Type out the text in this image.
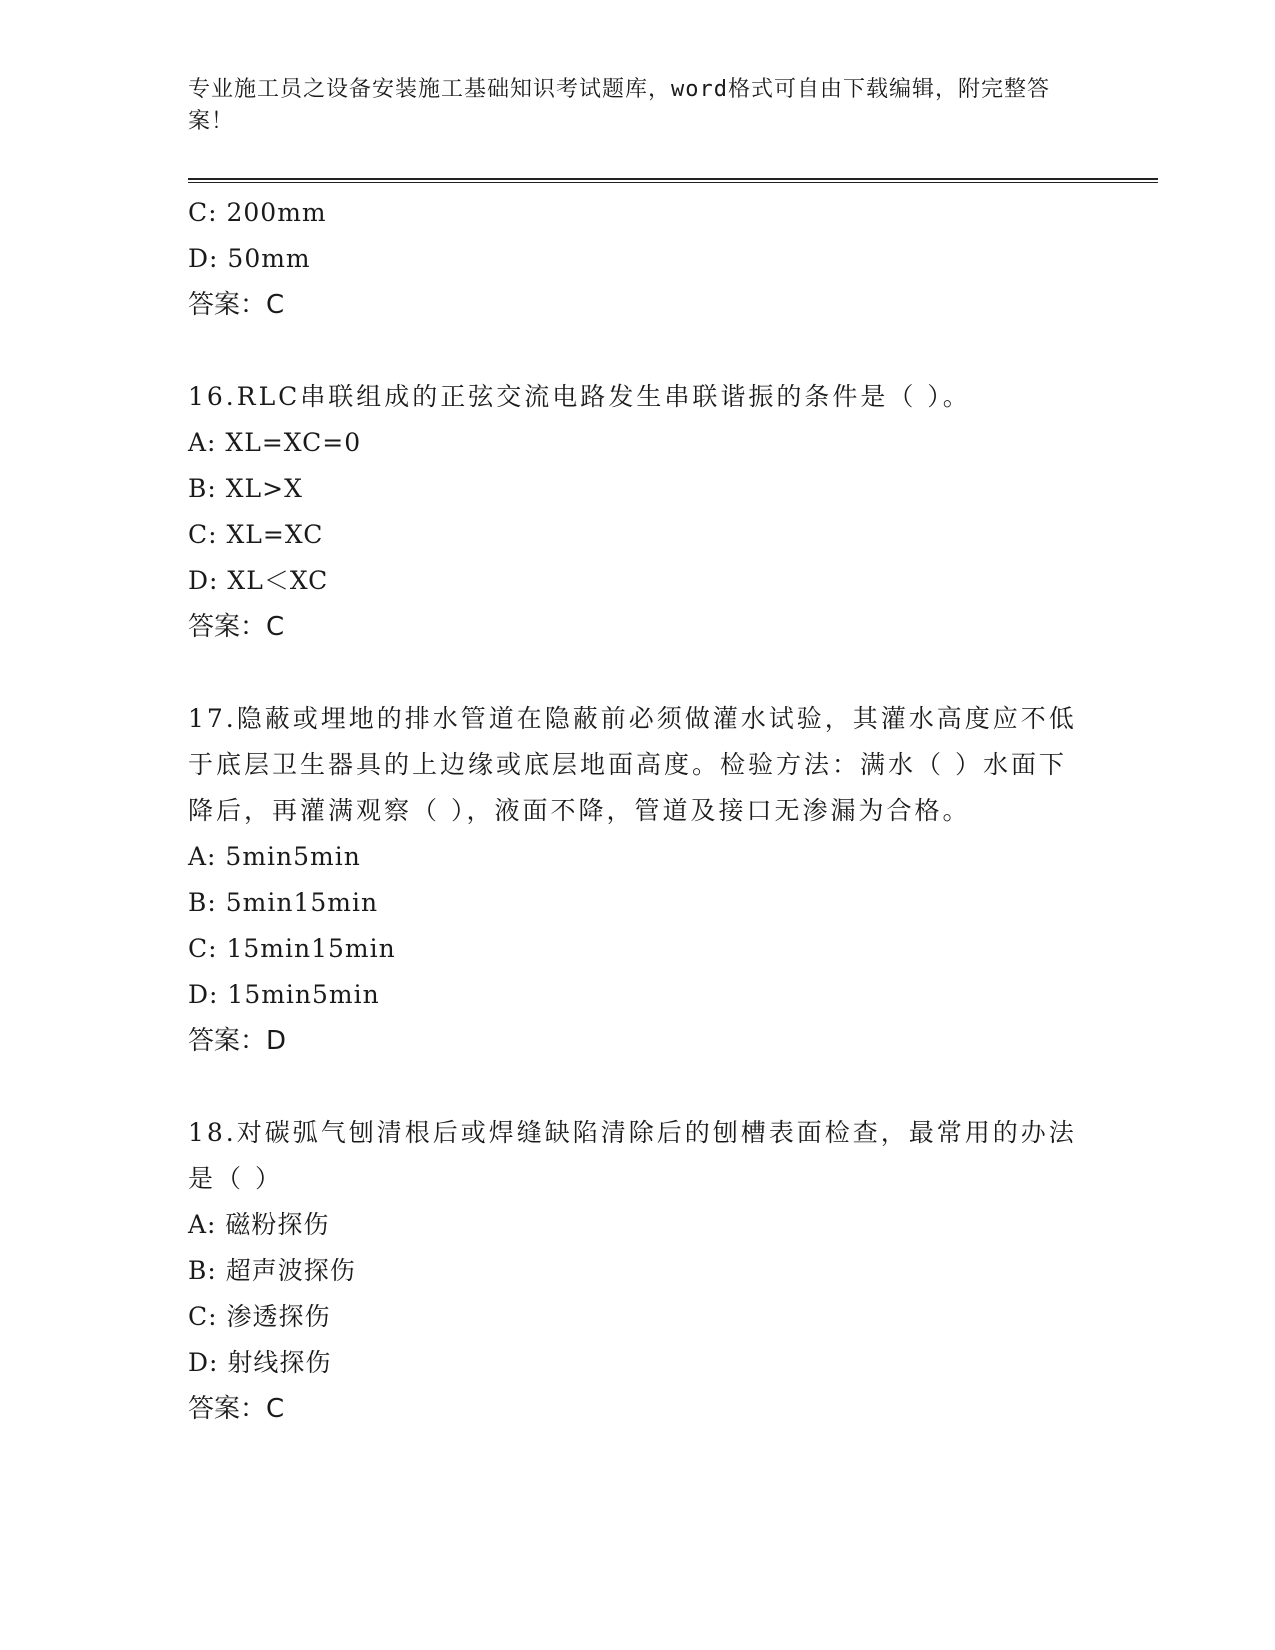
专业施工员之设备安装施工基础知识考试题库，word格式可自由下载编辑，附完整答案！
C: 200mm
D: 50mm
答案：C
16.RLC串联组成的正弦交流电路发生串联谐振的条件是（ ）。
A: XL=XC=0
B: XL>X
C: XL=XC
D: XL＜XC
答案：C
17.隐蔽或埋地的排水管道在隐蔽前必须做灌水试验，其灌水高度应不低于底层卫生器具的上边缘或底层地面高度。检验方法：满水（ ）水面下降后，再灌满观察（ ），液面不降，管道及接口无渗漏为合格。
A: 5min5min
B: 5min15min
C: 15min15min
D: 15min5min
答案：D
18.对碳弧气刨清根后或焊缝缺陷清除后的刨槽表面检查，最常用的办法是（ ）
A: 磁粉探伤
B: 超声波探伤
C: 渗透探伤
D: 射线探伤
答案：C
